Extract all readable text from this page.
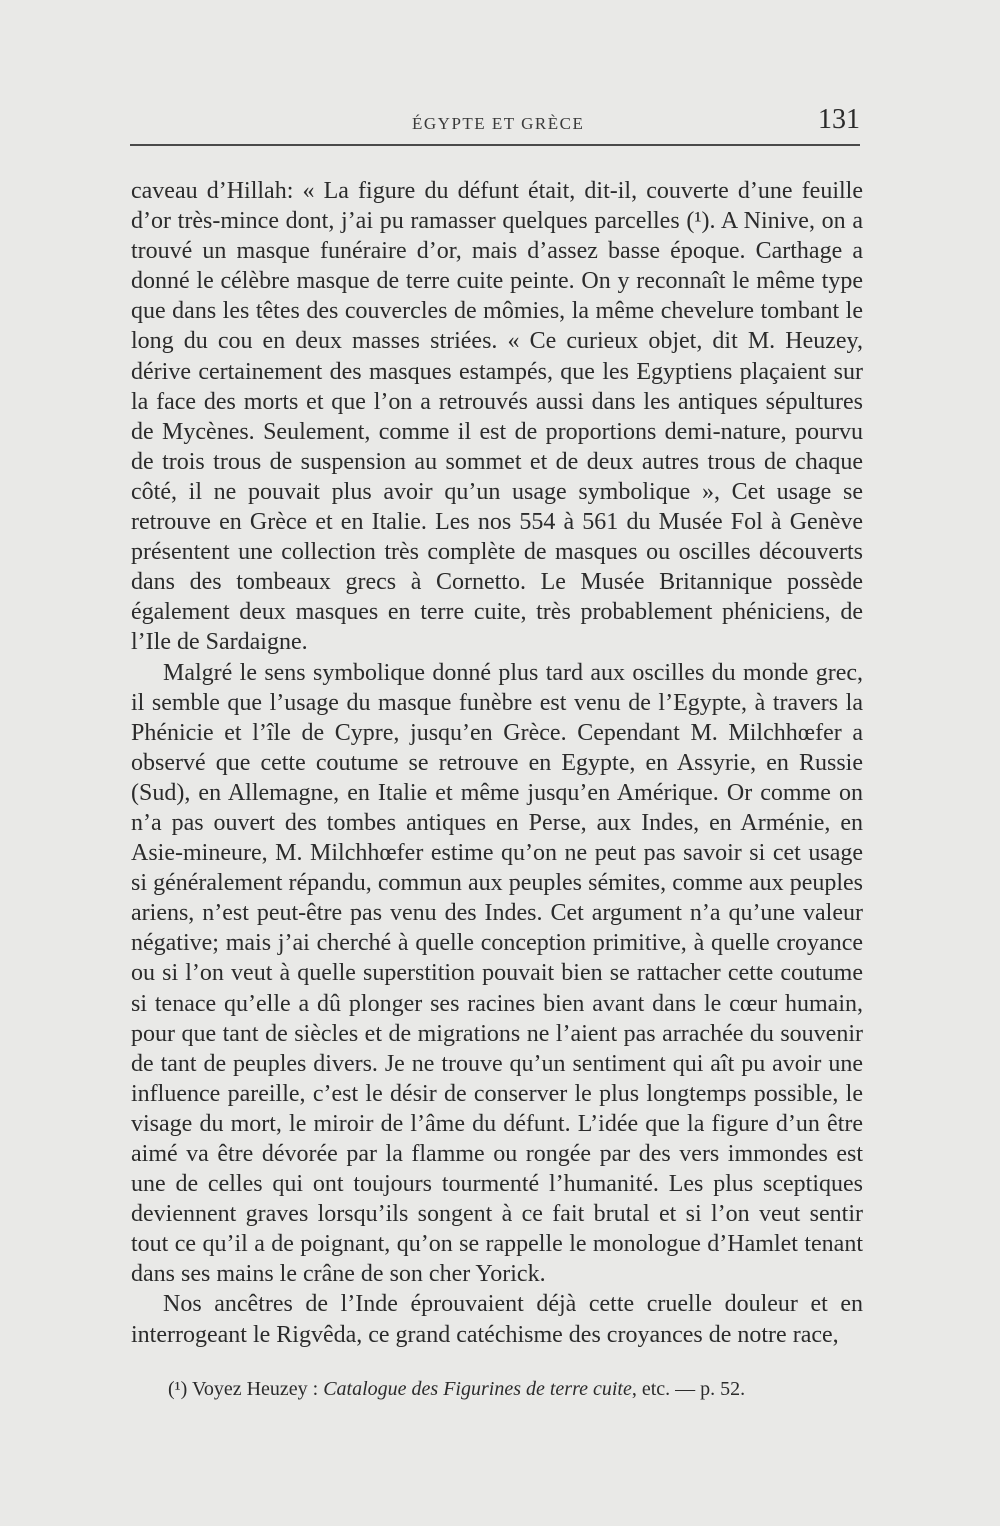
ÉGYPTE ET GRÈCE	131

caveau d’Hillah: « La figure du défunt était, dit-il, couverte d’une feuille d’or très-mince dont, j’ai pu ramasser quelques parcelles (¹). A Ninive, on a trouvé un masque funéraire d’or, mais d’assez basse époque. Carthage a donné le célèbre masque de terre cuite peinte. On y reconnaît le même type que dans les têtes des couvercles de mômies, la même chevelure tombant le long du cou en deux masses striées. « Ce curieux objet, dit M. Heuzey, dérive certainement des masques estampés, que les Egyptiens plaçaient sur la face des morts et que l’on a retrouvés aussi dans les antiques sépultures de Mycènes. Seulement, comme il est de proportions demi-nature, pourvu de trois trous de suspension au sommet et de deux autres trous de chaque côté, il ne pouvait plus avoir qu’un usage symbolique », Cet usage se retrouve en Grèce et en Italie. Les nos 554 à 561 du Musée Fol à Genève présentent une collection très complète de masques ou oscilles découverts dans des tombeaux grecs à Cornetto. Le Musée Britannique possède également deux masques en terre cuite, très probablement phéniciens, de l’Ile de Sardaigne.

Malgré le sens symbolique donné plus tard aux oscilles du monde grec, il semble que l’usage du masque funèbre est venu de l’Egypte, à travers la Phénicie et l’île de Cypre, jusqu’en Grèce. Cependant M. Milchhœfer a observé que cette coutume se retrouve en Egypte, en Assyrie, en Russie (Sud), en Allemagne, en Italie et même jusqu’en Amérique. Or comme on n’a pas ouvert des tombes antiques en Perse, aux Indes, en Arménie, en Asie-mineure, M. Milchhœfer estime qu’on ne peut pas savoir si cet usage si généralement répandu, commun aux peuples sémites, comme aux peuples ariens, n’est peut-être pas venu des Indes. Cet argument n’a qu’une valeur négative; mais j’ai cherché à quelle conception primitive, à quelle croyance ou si l’on veut à quelle superstition pouvait bien se rattacher cette coutume si tenace qu’elle a dû plonger ses racines bien avant dans le cœur humain, pour que tant de siècles et de migrations ne l’aient pas arrachée du souvenir de tant de peuples divers. Je ne trouve qu’un sentiment qui aît pu avoir une influence pareille, c’est le désir de conserver le plus longtemps possible, le visage du mort, le miroir de l’âme du défunt. L’idée que la figure d’un être aimé va être dévorée par la flamme ou rongée par des vers immondes est une de celles qui ont toujours tourmenté l’humanité. Les plus sceptiques deviennent graves lorsqu’ils songent à ce fait brutal et si l’on veut sentir tout ce qu’il a de poignant, qu’on se rappelle le monologue d’Hamlet tenant dans ses mains le crâne de son cher Yorick.

Nos ancêtres de l’Inde éprouvaient déjà cette cruelle douleur et en interrogeant le Rigvêda, ce grand catéchisme des croyances de notre race,

(¹) Voyez Heuzey : Catalogue des Figurines de terre cuite, etc. — p. 52.
